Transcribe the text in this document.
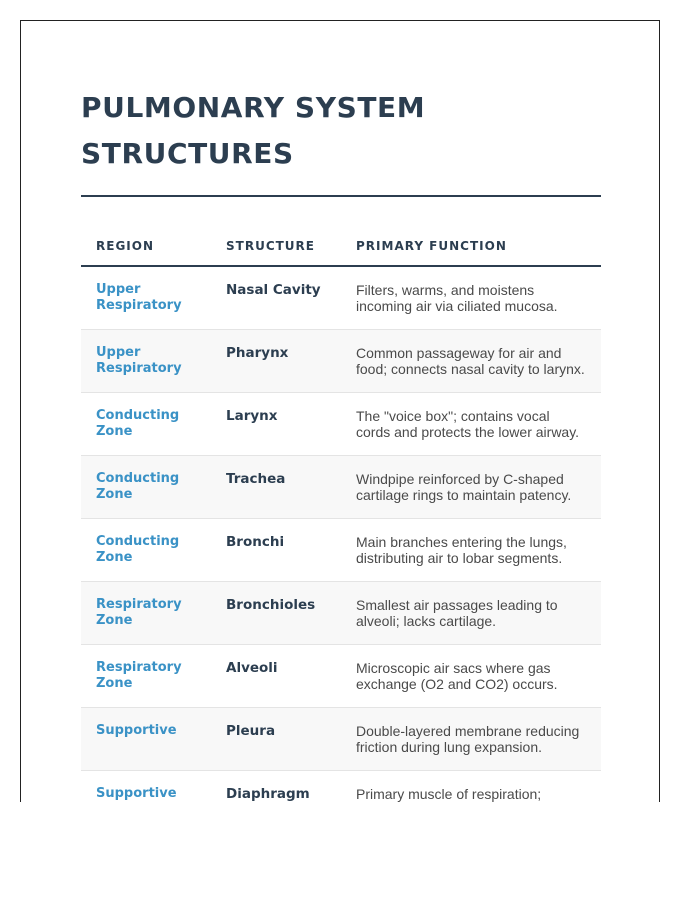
PULMONARY SYSTEM
STRUCTURES
REGION	STRUCTURE	PRIMARY FUNCTION
Upper Respiratory	Nasal Cavity	Filters, warms, and moistens incoming air via ciliated mucosa.
Upper Respiratory	Pharynx	Common passageway for air and food; connects nasal cavity to larynx.
Conducting Zone	Larynx	The "voice box"; contains vocal cords and protects the lower airway.
Conducting Zone	Trachea	Windpipe reinforced by C-shaped cartilage rings to maintain patency.
Conducting Zone	Bronchi	Main branches entering the lungs, distributing air to lobar segments.
Respiratory Zone	Bronchioles	Smallest air passages leading to alveoli; lacks cartilage.
Respiratory Zone	Alveoli	Microscopic air sacs where gas exchange (O2 and CO2) occurs.
Supportive	Pleura	Double-layered membrane reducing friction during lung expansion.
Supportive	Diaphragm	Primary muscle of respiration;
